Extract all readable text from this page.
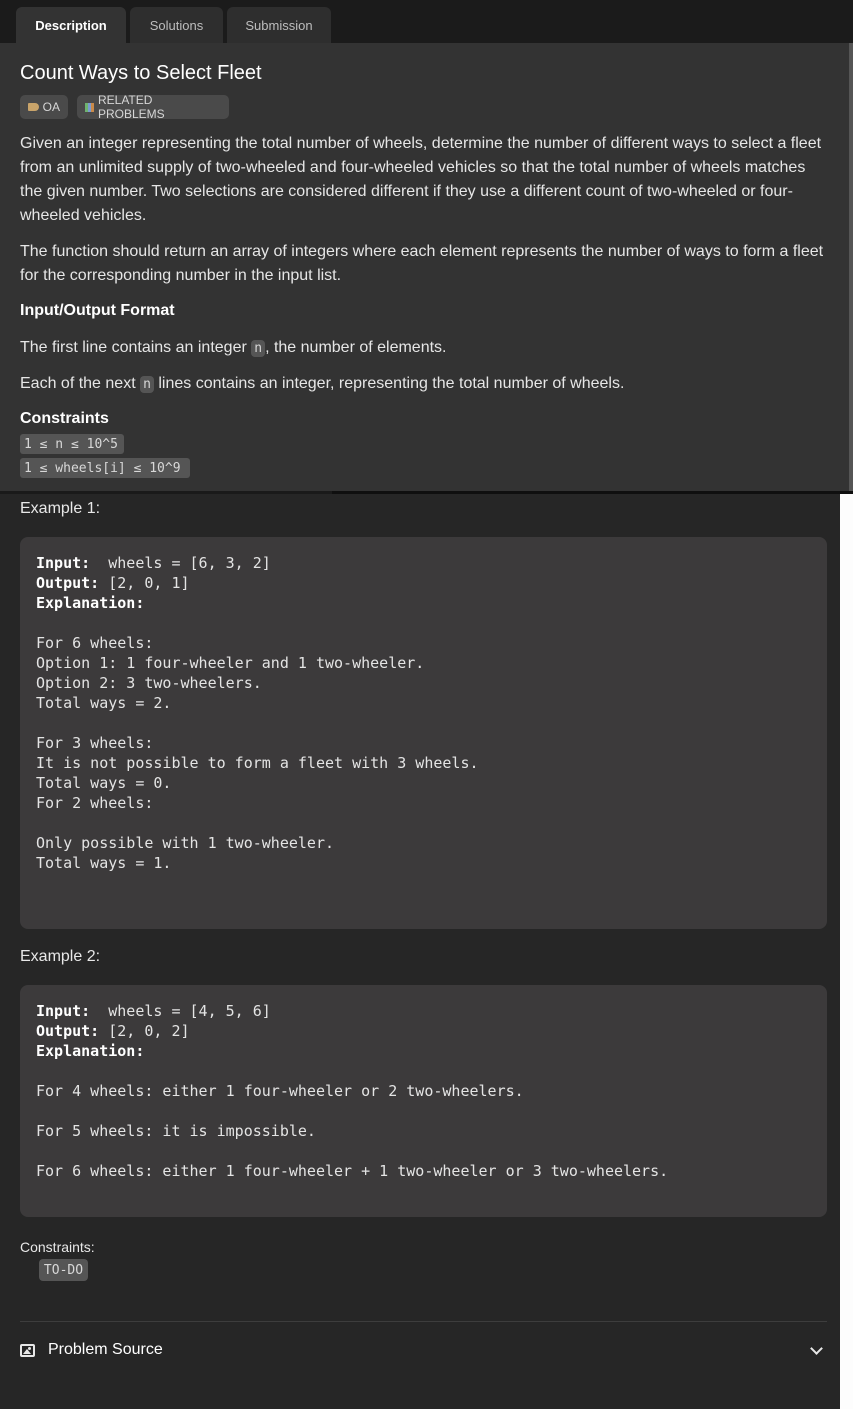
Description	Solutions	Submission
Count Ways to Select Fleet
OA	RELATED PROBLEMS

Given an integer representing the total number of wheels, determine the number of different ways to select a fleet from an unlimited supply of two-wheeled and four-wheeled vehicles so that the total number of wheels matches the given number. Two selections are considered different if they use a different count of two-wheeled or four-wheeled vehicles.

The function should return an array of integers where each element represents the number of ways to form a fleet for the corresponding number in the input list.

Input/Output Format
The first line contains an integer n , the number of elements.
Each of the next n lines contains an integer, representing the total number of wheels.
Constraints
1 ≤ n ≤ 10^5
1 ≤ wheels[i] ≤ 10^9
Example 1:
Input:  wheels = [6, 3, 2]
Output: [2, 0, 1]
Explanation:

For 6 wheels:
Option 1: 1 four-wheeler and 1 two-wheeler.
Option 2: 3 two-wheelers.
Total ways = 2.

For 3 wheels:
It is not possible to form a fleet with 3 wheels.
Total ways = 0.
For 2 wheels:

Only possible with 1 two-wheeler.
Total ways = 1.
Example 2:
Input:  wheels = [4, 5, 6]
Output: [2, 0, 2]
Explanation:

For 4 wheels: either 1 four-wheeler or 2 two-wheelers.

For 5 wheels: it is impossible.

For 6 wheels: either 1 four-wheeler + 1 two-wheeler or 3 two-wheelers.
Constraints:
TO-DO
Problem Source
